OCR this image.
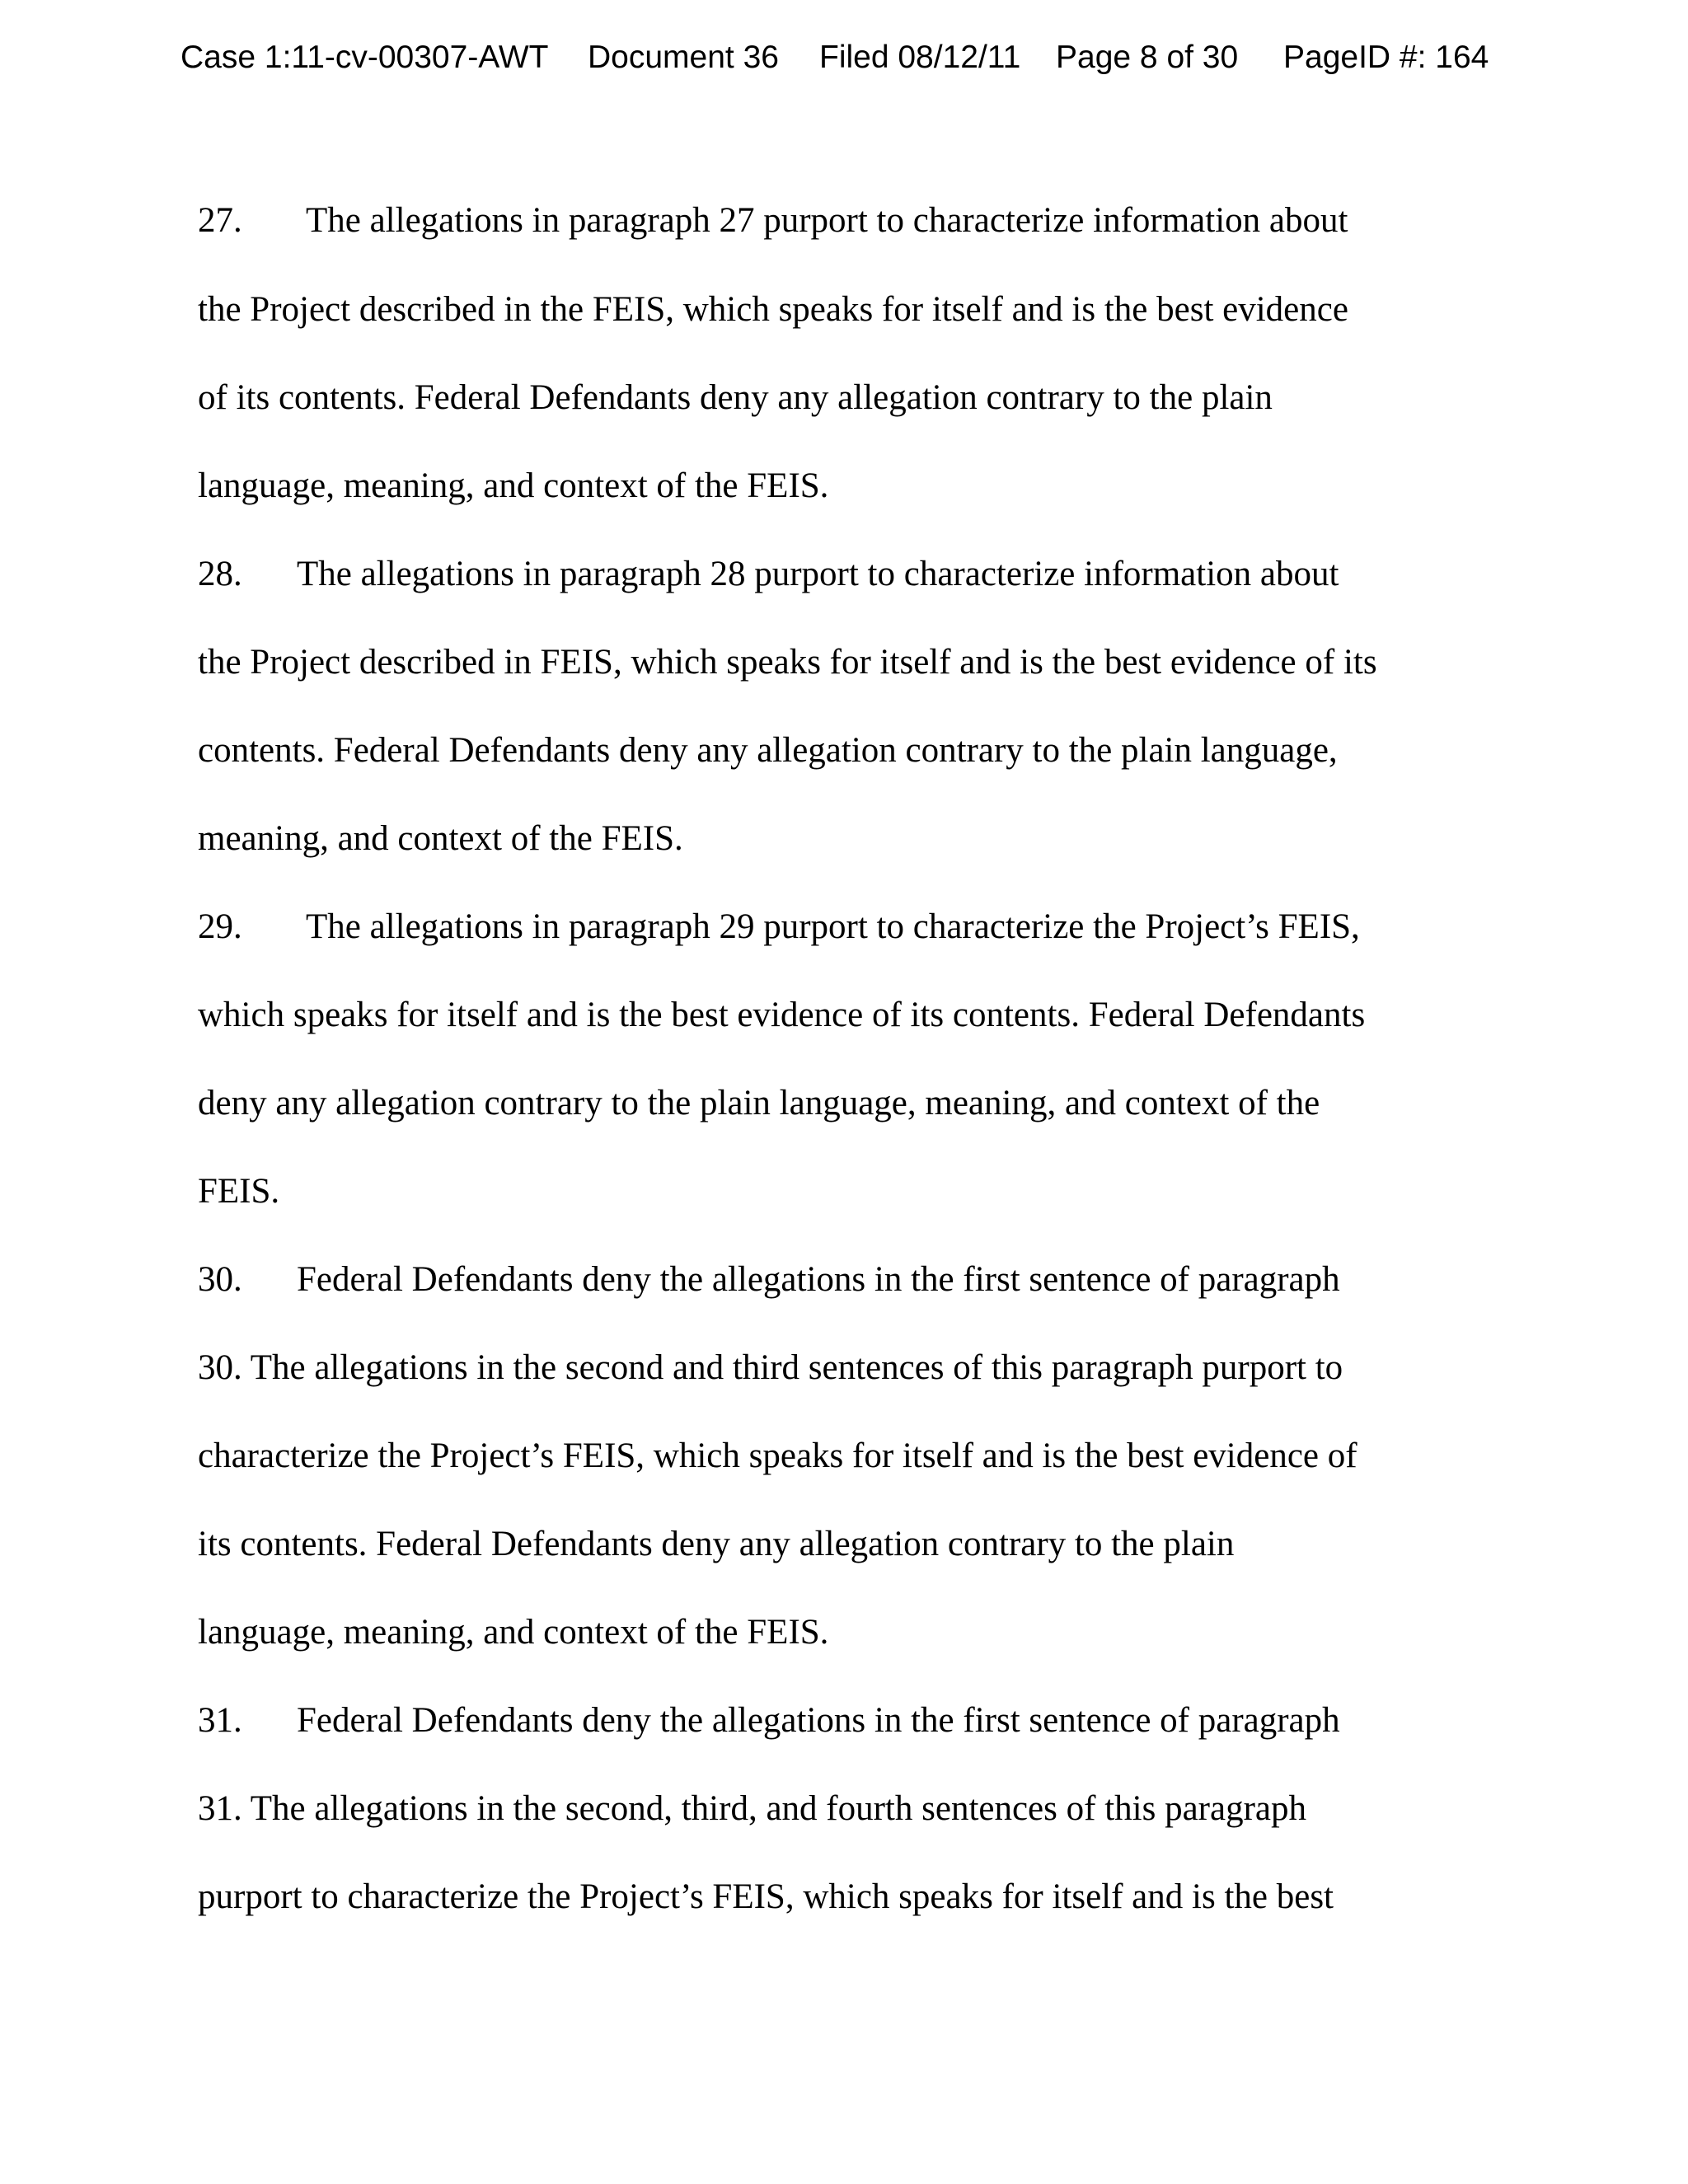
Case 1:11-cv-00307-AWT Document 36 Filed 08/12/11 Page 8 of 30 PageID #: 164
27. The allegations in paragraph 27 purport to characterize information about
the Project described in the FEIS, which speaks for itself and is the best evidence
of its contents. Federal Defendants deny any allegation contrary to the plain
language, meaning, and context of the FEIS.
28. The allegations in paragraph 28 purport to characterize information about
the Project described in FEIS, which speaks for itself and is the best evidence of its
contents. Federal Defendants deny any allegation contrary to the plain language,
meaning, and context of the FEIS.
29. The allegations in paragraph 29 purport to characterize the Project’s FEIS,
which speaks for itself and is the best evidence of its contents. Federal Defendants
deny any allegation contrary to the plain language, meaning, and context of the
FEIS.
30. Federal Defendants deny the allegations in the first sentence of paragraph
30. The allegations in the second and third sentences of this paragraph purport to
characterize the Project’s FEIS, which speaks for itself and is the best evidence of
its contents. Federal Defendants deny any allegation contrary to the plain
language, meaning, and context of the FEIS.
31. Federal Defendants deny the allegations in the first sentence of paragraph
31. The allegations in the second, third, and fourth sentences of this paragraph
purport to characterize the Project’s FEIS, which speaks for itself and is the best
